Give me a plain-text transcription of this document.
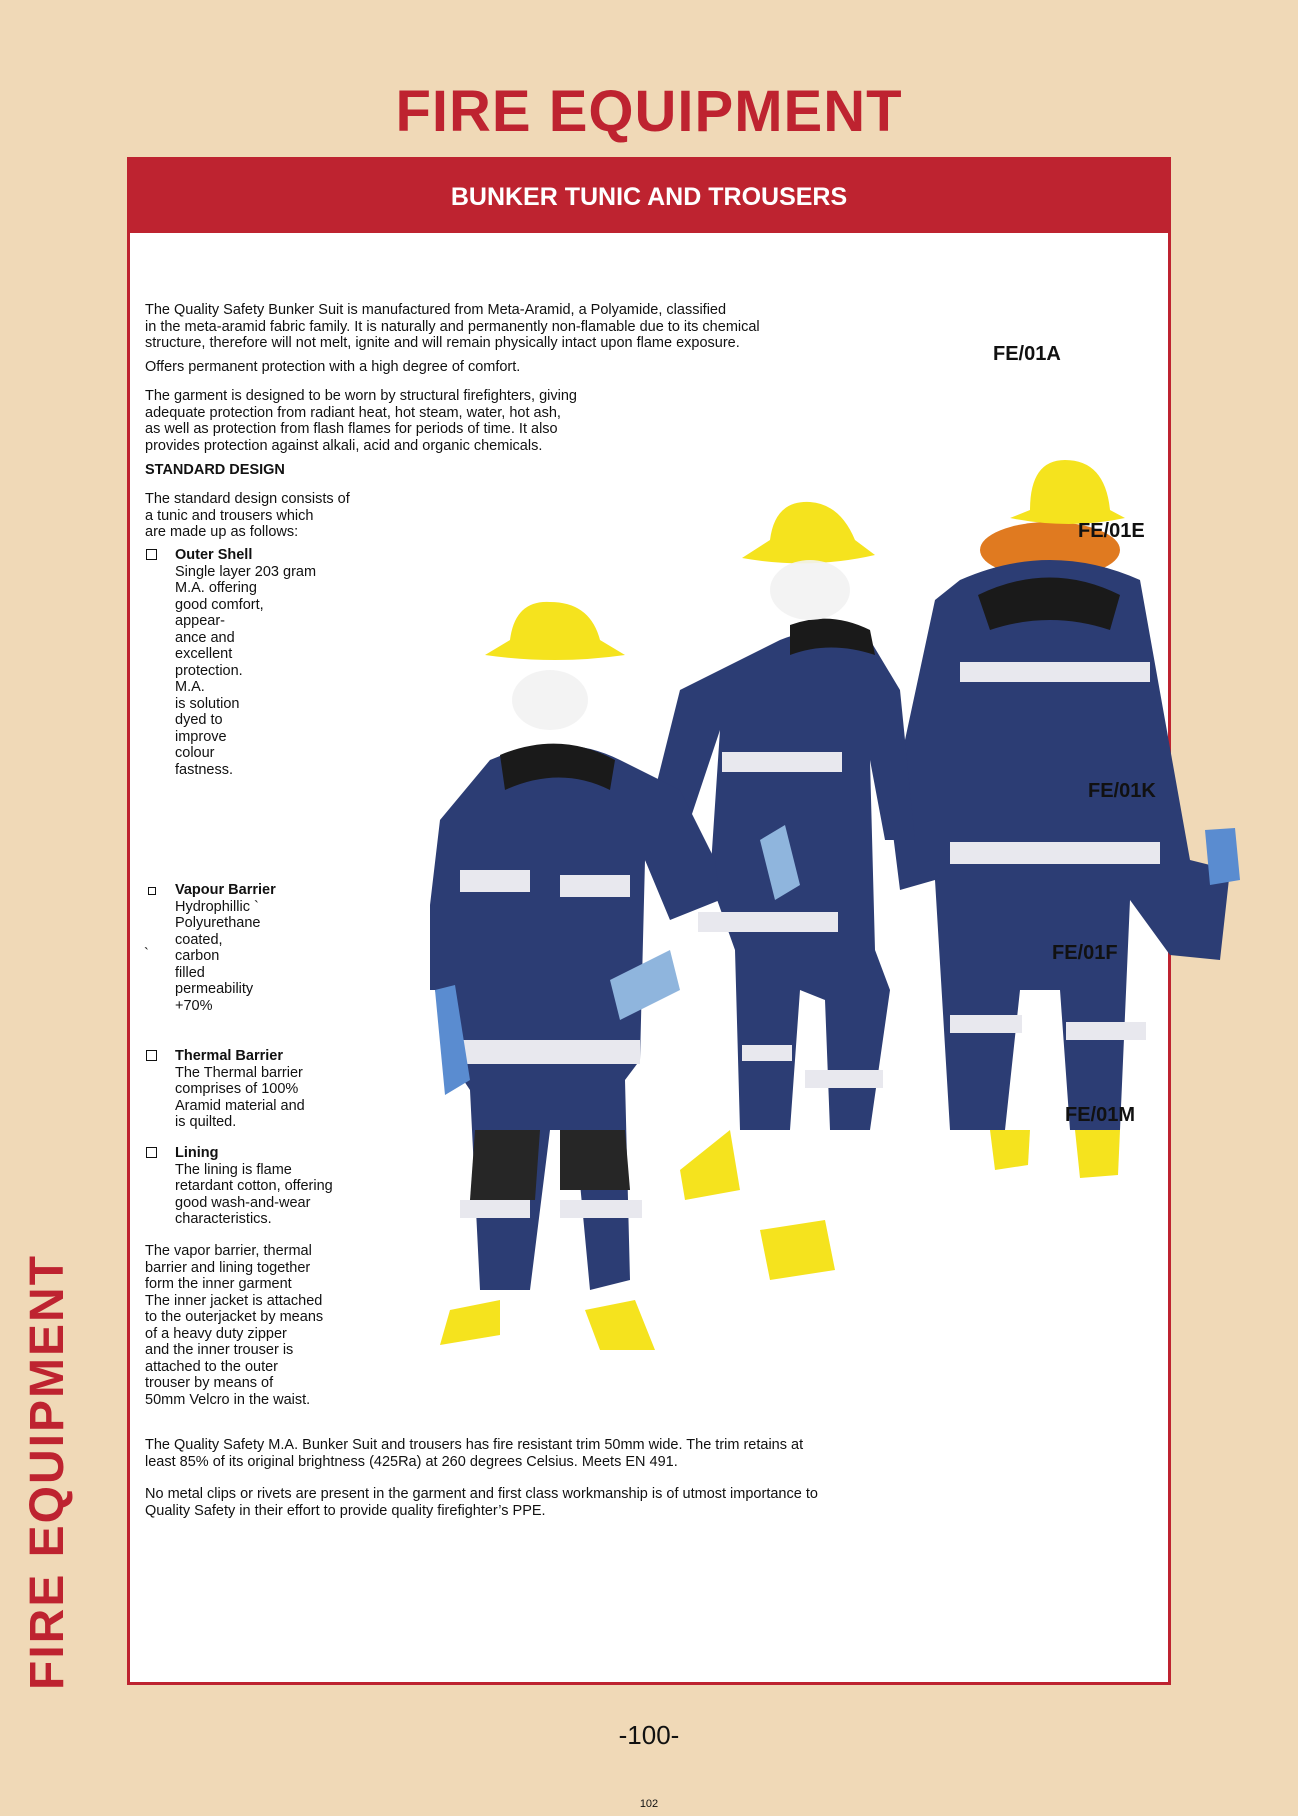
FIRE EQUIPMENT
BUNKER TUNIC AND TROUSERS
The Quality Safety Bunker Suit is manufactured from Meta-Aramid, a Polyamide, classified
in the meta-aramid fabric family. It is naturally and permanently non-flamable due to its chemical
structure, therefore will not melt, ignite and will remain physically intact upon flame exposure.
Offers permanent protection with a high degree of comfort.
The garment is designed to be worn by structural firefighters, giving
adequate protection from radiant heat, hot steam, water, hot ash,
as well as protection from flash flames for periods of time. It also
provides protection against alkali, acid and organic chemicals.
STANDARD DESIGN
The standard design consists of
a tunic and trousers which
are made up as follows:
Outer Shell
Single layer 203 gram
M.A. offering
good comfort,
appear-
ance and
excellent
protection.
M.A.
is solution
dyed to
improve
colour
fastness.
Vapour Barrier
Hydrophillic `
Polyurethane
coated,
carbon
filled
permeability
+70%
`
Thermal Barrier
The Thermal barrier
comprises of 100%
Aramid material and
is quilted.
Lining
The lining is flame
retardant cotton, offering
good wash-and-wear
characteristics.
The vapor barrier, thermal
barrier and lining together
form the inner garment
The inner jacket is attached
to the outerjacket by means
of a heavy duty zipper
and the inner trouser is
attached to the outer
trouser by means of
50mm Velcro in the waist.
The Quality Safety M.A. Bunker Suit and trousers has fire resistant trim 50mm wide. The trim retains at
least 85% of its original brightness (425Ra) at 260 degrees Celsius. Meets EN 491.
No metal clips or rivets are present in the garment and first class workmanship is of utmost importance to
Quality Safety in their effort to provide quality firefighter’s PPE.
FE/01A
FE/01E
FE/01K
FE/01F
FE/01M
FIRE EQUIPMENT
-100-
102
